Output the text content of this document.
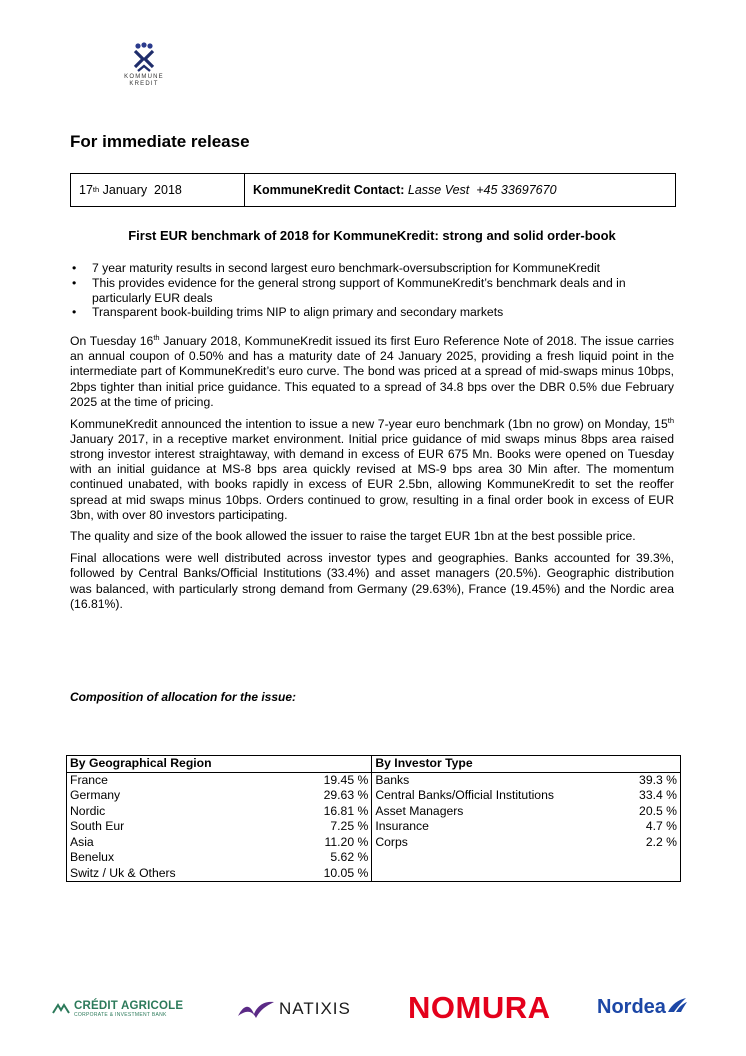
KOMMUNE
KREDIT
For immediate release
17 th January  2018	KommuneKredit Contact:
Lasse Vest
+45 33697670
First EUR benchmark of 2018 for KommuneKredit: strong and solid order-book
• 7 year maturity results in second largest euro benchmark-oversubscription for KommuneKredit
• This provides evidence for the general strong support of KommuneKredit’s benchmark deals and in particularly EUR deals
• Transparent book-building trims NIP to align primary and secondary markets

On Tuesday 16th January 2018, KommuneKredit issued its first Euro Reference Note of 2018. The issue carries an annual coupon of 0.50% and has a maturity date of 24 January 2025, providing a fresh liquid point in the intermediate part of KommuneKredit’s euro curve. The bond was priced at a spread of mid-swaps minus 10bps, 2bps tighter than initial price guidance. This equated to a spread of 34.8 bps over the DBR 0.5% due February 2025 at the time of pricing.

KommuneKredit announced the intention to issue a new 7-year euro benchmark (1bn no grow) on Monday, 15th January 2017, in a receptive market environment. Initial price guidance of mid swaps minus 8bps area raised strong investor interest straightaway, with demand in excess of EUR 675 Mn. Books were opened on Tuesday with an initial guidance at MS-8 bps area quickly revised at MS-9 bps area 30 Min after. The momentum continued unabated, with books rapidly in excess of EUR 2.5bn, allowing KommuneKredit to set the reoffer spread at mid swaps minus 10bps. Orders continued to grow, resulting in a final order book in excess of EUR 3bn, with over 80 investors participating.

The quality and size of the book allowed the issuer to raise the target EUR 1bn at the best possible price.

Final allocations were well distributed across investor types and geographies. Banks accounted for 39.3%, followed by Central Banks/Official Institutions (33.4%) and asset managers (20.5%). Geographic distribution was balanced, with particularly strong demand from Germany (29.63%), France (19.45%) and the Nordic area (16.81%).

Composition of allocation for the issue:
By Geographical Region		By Investor Type	
France	19.45 %	Banks	39.3 %
Germany	29.63 %	Central Banks/Official Institutions	33.4 %
Nordic	16.81 %	Asset Managers	20.5 %
South Eur	7.25 %	Insurance	4.7 %
Asia	11.20 %	Corps	2.2 %
Benelux	5.62 %		
Switz / Uk & Others	10.05 %		
CRÉDIT AGRICOLE
CORPORATE & INVESTMENT BANK	NATIXIS NOMURA Nordea
